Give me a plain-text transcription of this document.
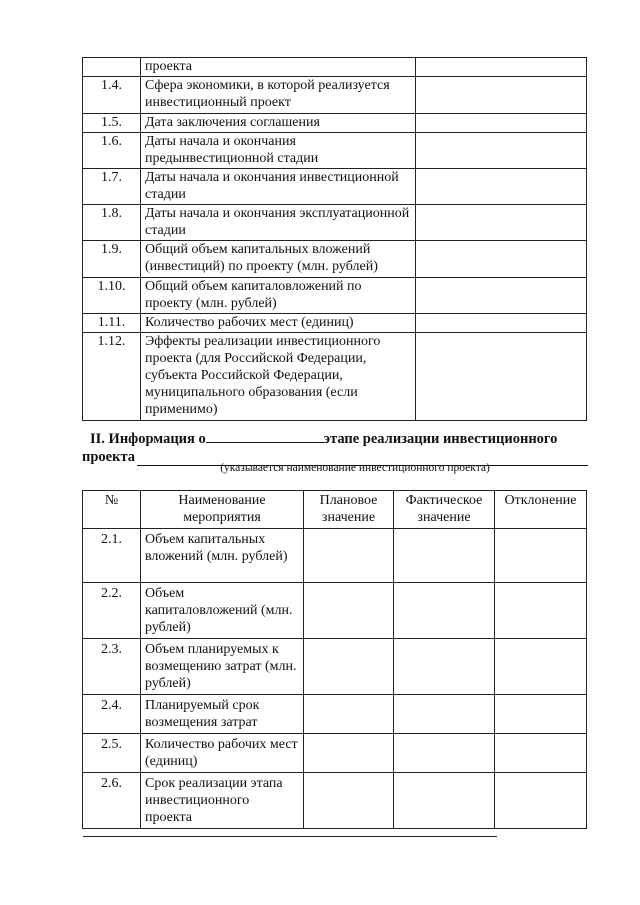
	проекта	
1.4.	Сфера экономики, в которой реализуется инвестиционный проект	
1.5.	Дата заключения соглашения	
1.6.	Даты начала и окончания предынвестиционной стадии	
1.7.	Даты начала и окончания инвестиционной стадии	
1.8.	Даты начала и окончания эксплуатационной стадии	
1.9.	Общий объем капитальных вложений (инвестиций) по проекту (млн. рублей)	
1.10.	Общий объем капиталовложений по проекту (млн. рублей)	
1.11.	Количество рабочих мест (единиц)	
1.12.	Эффекты реализации инвестиционного проекта (для Российской Федерации, субъекта Российской Федерации, муниципального образования (если применимо)	
II. Информация о	этапе реализации инвестиционного
проекта
(указывается наименование инвестиционного проекта)
№	Наименование мероприятия	Плановое значение	Фактическое значение	Отклонение
2.1.	Объем капитальных вложений (млн. рублей)			
2.2.	Объем капиталовложений (млн. рублей)			
2.3.	Объем планируемых к возмещению затрат (млн. рублей)			
2.4.	Планируемый срок возмещения затрат			
2.5.	Количество рабочих мест (единиц)			
2.6.	Срок реализации этапа инвестиционного проекта			
